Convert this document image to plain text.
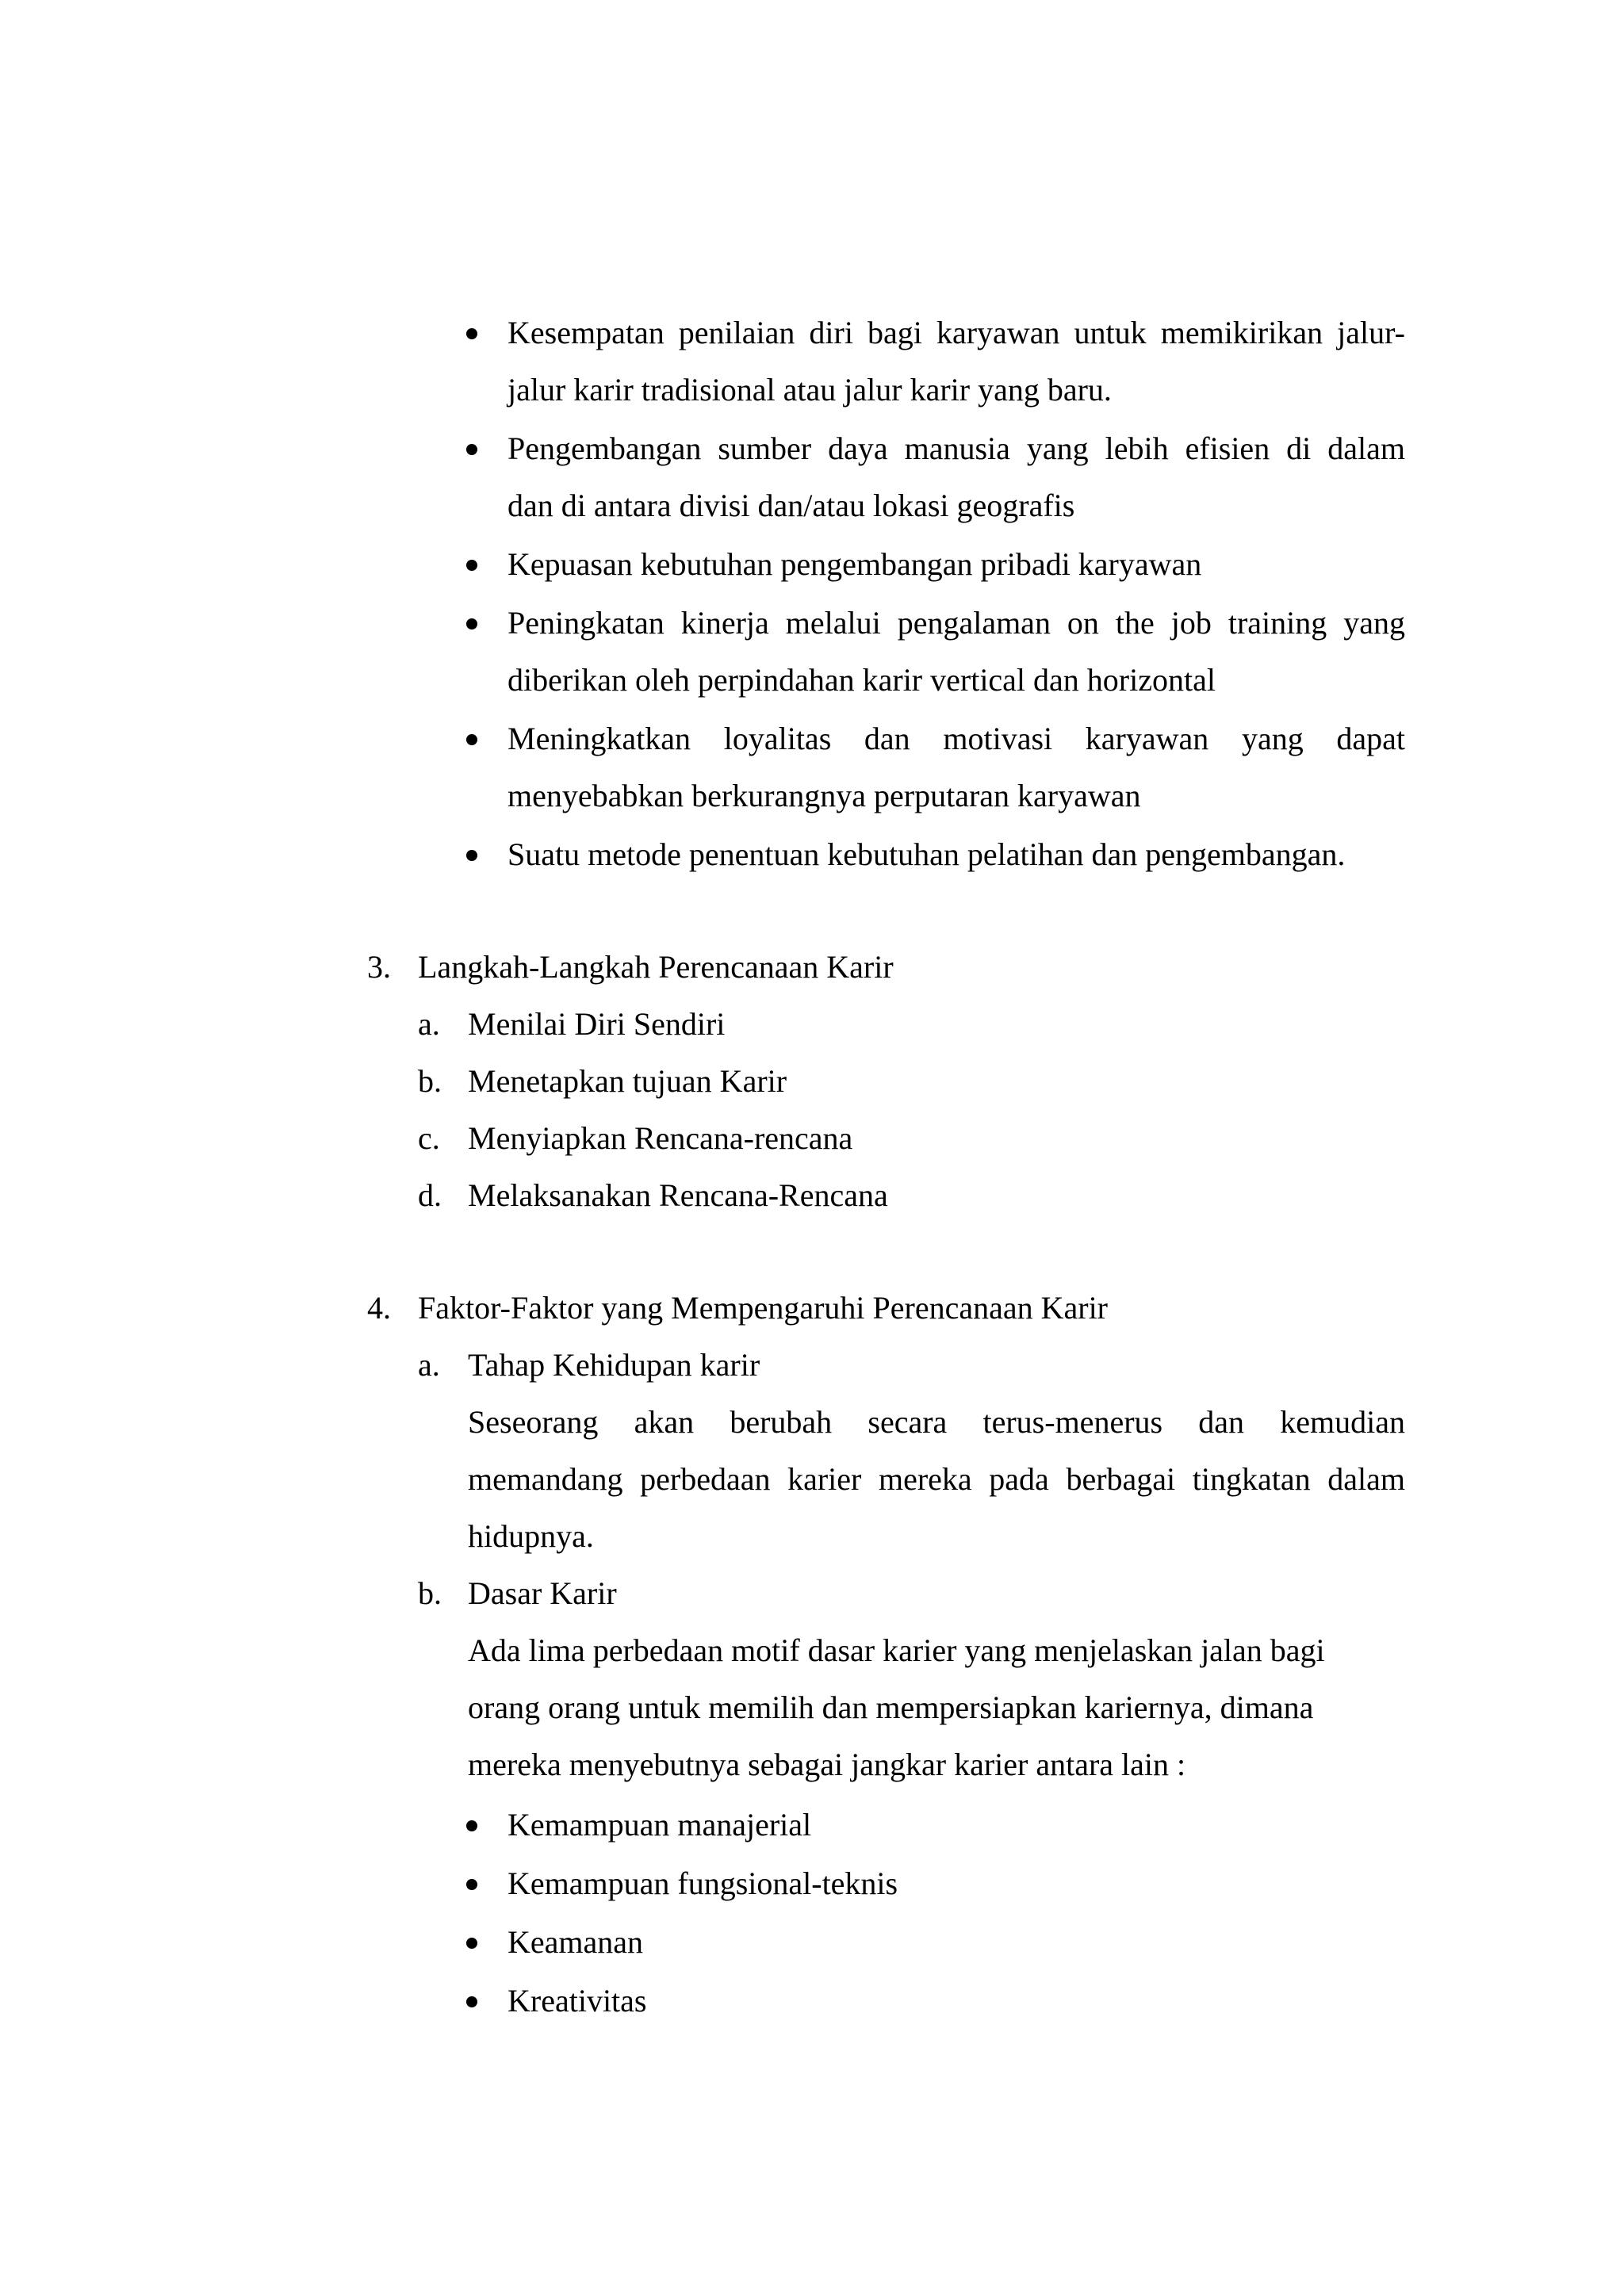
Kesempatan penilaian diri bagi karyawan untuk memikirikan jalur-
jalur karir tradisional atau jalur karir yang baru.
Pengembangan sumber daya manusia yang lebih efisien di dalam
dan di antara divisi dan/atau lokasi geografis
Kepuasan kebutuhan pengembangan pribadi karyawan
Peningkatan kinerja melalui pengalaman on the job training yang
diberikan oleh perpindahan karir vertical dan horizontal
Meningkatkan loyalitas dan motivasi karyawan yang dapat
menyebabkan berkurangnya perputaran karyawan
Suatu metode penentuan kebutuhan pelatihan dan pengembangan.
3. Langkah-Langkah Perencanaan Karir
a. Menilai Diri Sendiri
b. Menetapkan tujuan Karir
c. Menyiapkan Rencana-rencana
d. Melaksanakan Rencana-Rencana
4. Faktor-Faktor yang Mempengaruhi Perencanaan Karir
a. Tahap Kehidupan karir
Seseorang akan berubah secara terus-menerus dan kemudian
memandang perbedaan karier mereka pada berbagai tingkatan dalam
hidupnya.
b. Dasar Karir
Ada lima perbedaan motif dasar karier yang menjelaskan jalan bagi
orang orang untuk memilih dan mempersiapkan kariernya, dimana
mereka menyebutnya sebagai jangkar karier antara lain :
Kemampuan manajerial
Kemampuan fungsional-teknis
Keamanan
Kreativitas
